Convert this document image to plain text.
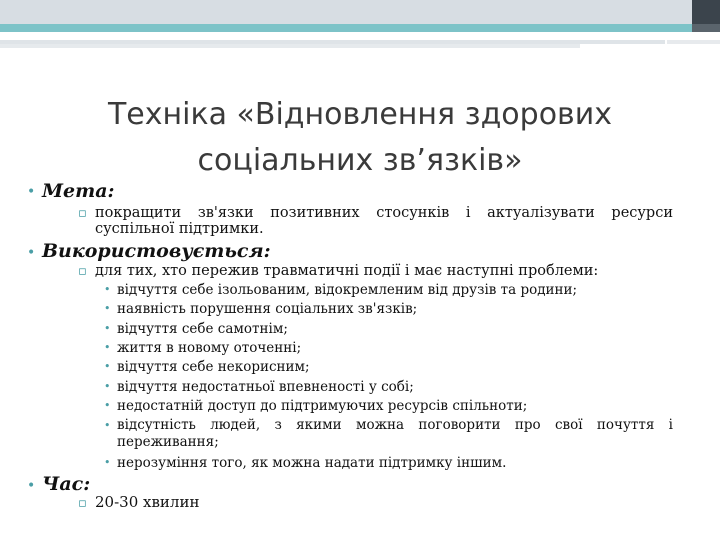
Техніка «Відновлення здорових
соціальних зв’язків»
• Мета:
▫ покращити зв'язки позитивних стосунків і актуалізувати ресурси суспільної підтримки.
• Використовується:
▫ для тих, хто пережив травматичні події і має наступні проблеми:
• відчуття себе ізольованим, відокремленим від друзів та родини;
• наявність порушення соціальних зв'язків;
• відчуття себе самотнім;
• життя в новому оточенні;
• відчуття себе некорисним;
• відчуття недостатньої впевненості у собі;
• недостатній доступ до підтримуючих ресурсів спільноти;
• відсутність людей, з якими можна поговорити про свої почуття і переживання;
• нерозуміння того, як можна надати підтримку іншим.
• Час:
▫ 20-30 хвилин
